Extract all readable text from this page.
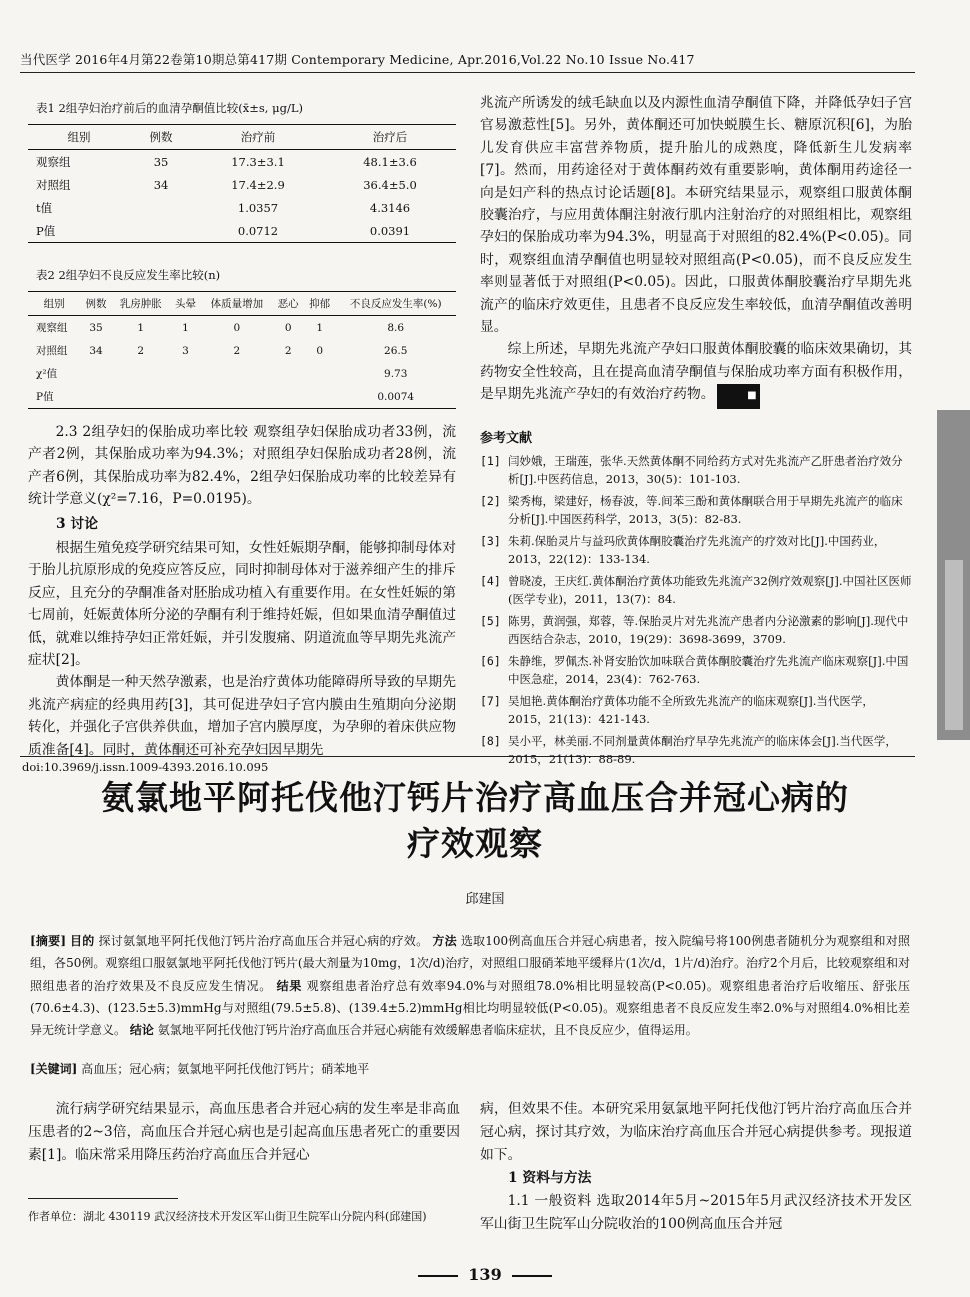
当代医学 2016年4月第22卷第10期总第417期 Contemporary Medicine, Apr.2016,Vol.22 No.10 Issue No.417
表1 2组孕妇治疗前后的血清孕酮值比较(x̄±s, μg/L)
组别	例数	治疗前	治疗后
观察组	35	17.3±3.1	48.1±3.6
对照组	34	17.4±2.9	36.4±5.0
t值		1.0357	4.3146
P值		0.0712	0.0391
表2 2组孕妇不良反应发生率比较(n)
组别	例数	乳房肿胀	头晕	体质量增加	恶心	抑郁	不良反应发生率(%)
观察组	35	1	1	0	0	1	8.6
对照组	34	2	3	2	2	0	26.5
χ²值							9.73
P值							0.0074

2.3 2组孕妇的保胎成功率比较 观察组孕妇保胎成功者33例，流产者2例，其保胎成功率为94.3%；对照组孕妇保胎成功者28例，流产者6例，其保胎成功率为82.4%，2组孕妇保胎成功率的比较差异有统计学意义(χ²=7.16，P=0.0195)。

3 讨论

根据生殖免疫学研究结果可知，女性妊娠期孕酮，能够抑制母体对于胎儿抗原形成的免疫应答反应，同时抑制母体对于滋养细产生的排斥反应，且充分的孕酮准备对胚胎成功植入有重要作用。在女性妊娠的第七周前，妊娠黄体所分泌的孕酮有利于维持妊娠，但如果血清孕酮值过低，就难以维持孕妇正常妊娠，并引发腹痛、阴道流血等早期先兆流产症状[2]。

黄体酮是一种天然孕激素，也是治疗黄体功能障碍所导致的早期先兆流产病症的经典用药[3]，其可促进孕妇子宫内膜由生殖期向分泌期转化，并强化子宫供养供血，增加子宫内膜厚度，为孕卵的着床供应物质准备[4]。同时，黄体酮还可补充孕妇因早期先

兆流产所诱发的绒毛缺血以及内源性血清孕酮值下降，并降低孕妇子宫官易激惹性[5]。另外，黄体酮还可加快蜕膜生长、糖原沉积[6]，为胎儿发育供应丰富营养物质，提升胎儿的成熟度，降低新生儿发病率[7]。然而，用药途径对于黄体酮药效有重要影响，黄体酮用药途径一向是妇产科的热点讨论话题[8]。本研究结果显示，观察组口服黄体酮胶囊治疗，与应用黄体酮注射液行肌内注射治疗的对照组相比，观察组孕妇的保胎成功率为94.3%，明显高于对照组的82.4%(P<0.05)。同时，观察组血清孕酮值也明显较对照组高(P<0.05)，而不良反应发生率则显著低于对照组(P<0.05)。因此，口服黄体酮胶囊治疗早期先兆流产的临床疗效更佳，且患者不良反应发生率较低，血清孕酮值改善明显。

综上所述，早期先兆流产孕妇口服黄体酮胶囊的临床效果确切，其药物安全性较高，且在提高血清孕酮值与保胎成功率方面有积极作用，是早期先兆流产孕妇的有效治疗药物。	■

参考文献
[1] 闫妙娥，王瑞莲，张华.天然黄体酮不同给药方式对先兆流产乙肝患者治疗效分析[J].中医药信息，2013，30(5)：101-103.
[2] 梁秀梅，梁建好，杨春波，等.间苯三酚和黄体酮联合用于早期先兆流产的临床分析[J].中国医药科学，2013，3(5)：82-83.
[3] 朱莉.保胎灵片与益玛欣黄体酮胶囊治疗先兆流产的疗效对比[J].中国药业，2013，22(12)：133-134.
[4] 曾晓凌，王庆红.黄体酮治疗黄体功能致先兆流产32例疗效观察[J].中国社区医师(医学专业)，2011，13(7)：84.
[5] 陈男，黄润强，郑蓉，等.保胎灵片对先兆流产患者内分泌激素的影响[J].现代中西医结合杂志，2010，19(29)：3698-3699，3709.
[6] 朱静维，罗佩杰.补肾安胎饮加味联合黄体酮胶囊治疗先兆流产临床观察[J].中国中医急症，2014，23(4)：762-763.
[7] 吴旭艳.黄体酮治疗黄体功能不全所致先兆流产的临床观察[J].当代医学，2015，21(13)：421-143.
[8] 吴小平，林美丽.不同剂量黄体酮治疗早孕先兆流产的临床体会[J].当代医学，2015，21(13)：88-89.
doi:10.3969/j.issn.1009-4393.2016.10.095
氨氯地平阿托伐他汀钙片治疗高血压合并冠心病的
疗效观察
邱建国
[摘要] 目的 探讨氨氯地平阿托伐他汀钙片治疗高血压合并冠心病的疗效。 方法 选取100例高血压合并冠心病患者，按入院编号将100例患者随机分为观察组和对照组，各50例。观察组口服氨氯地平阿托伐他汀钙片(最大剂量为10mg，1次/d)治疗，对照组口服硝苯地平缓释片(1次/d，1片/d)治疗。治疗2个月后，比较观察组和对照组患者的治疗效果及不良反应发生情况。 结果 观察组患者治疗总有效率94.0%与对照组78.0%相比明显较高(P<0.05)。观察组患者治疗后收缩压、舒张压(70.6±4.3)、(123.5±5.3)mmHg与对照组(79.5±5.8)、(139.4±5.2)mmHg相比均明显较低(P<0.05)。观察组患者不良反应发生率2.0%与对照组4.0%相比差异无统计学意义。 结论 氨氯地平阿托伐他汀钙片治疗高血压合并冠心病能有效缓解患者临床症状，且不良反应少，值得运用。
[关键词] 高血压；冠心病；氨氯地平阿托伐他汀钙片；硝苯地平

流行病学研究结果显示，高血压患者合并冠心病的发生率是非高血压患者的2~3倍，高血压合并冠心病也是引起高血压患者死亡的重要因素[1]。临床常采用降压药治疗高血压合并冠心

病，但效果不佳。本研究采用氨氯地平阿托伐他汀钙片治疗高血压合并冠心病，探讨其疗效，为临床治疗高血压合并冠心病提供参考。现报道如下。

1 资料与方法

1.1 一般资料 选取2014年5月~2015年5月武汉经济技术开发区军山街卫生院军山分院收治的100例高血压合并冠

作者单位：湖北 430119 武汉经济技术开发区军山街卫生院军山分院内科(邱建国)
139
